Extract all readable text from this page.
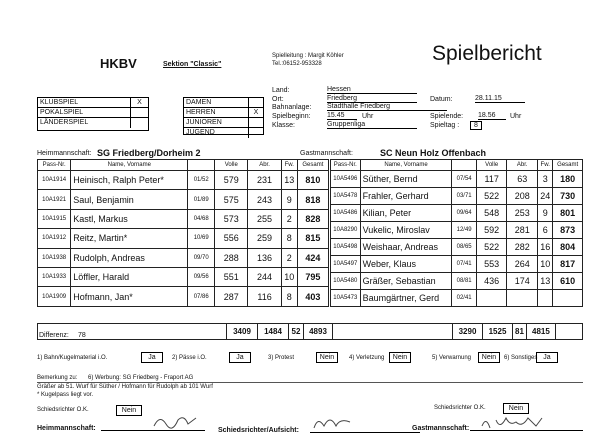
HKBV	Sektion "Classic"
Spielleitung : Margit Köhler
Tel.:06152-953328	Spielbericht
KLUBSPIEL	X
POKALSPIEL
LÄNDERSPIEL
DAMEN
HERREN	X
JUNIOREN
JUGEND
Land:	Hessen
Ort:	Friedberg	Datum:	28.11.15
Bahnanlage: Stadthalle Friedberg
Spielbeginn: 15.45	Uhr	Spielende: 18.56	Uhr
Klasse:	Gruppenliga	Spieltag :	8
Heimmannschaft: SG Friedberg/Dorheim 2	Gastmannschaft:	SC Neun Holz Offenbach
Pass-Nr.	Name, Vorname		Volle	Abr.	Fw.	Gesamt
10A1914	Heinisch, Ralph Peter*	01/52	579	231	13	810
10A1921	Saul, Benjamin	01/89	575	243	9	818
10A1915	Kastl, Markus	04/68	573	255	2	828
10A1912	Reitz, Martin*	10/69	556	259	8	815
10A1938	Rudolph, Andreas	09/70	288	136	2	424
10A1933	Löffler, Harald	09/56	551	244	10	795
10A1909	Hofmann, Jan*	07/86	287	116	8	403
Pass-Nr.	Name, Vorname		Volle	Abr.	Fw.	Gesamt
10A5496	Süther, Bernd	07/54	117	63	3	180
10A5478	Frahler, Gerhard	03/71	522	208	24	730
10A5486	Kilian, Peter	09/64	548	253	9	801
10A8290	Vukelic, Miroslav	12/49	592	281	6	873
10A5498	Weishaar, Andreas	08/65	522	282	16	804
10A5497	Weber, Klaus	07/41	553	264	10	817
10A5480	Gräßer, Sebastian	08/81	436	174	13	610
10A5473	Baumgärtner, Gerd	02/41				
Differenz: 78	3409	1484	52	4893	3290	1525	81	4815
1) Bahn/Kugelmaterial i.O.	Ja	2) Pässe i.O.	Ja	3) Protest	Nein	4) Verletzung	Nein	5) Verwarnung	Nein	6) Sonstiges Ja
Bemerkung zu: 6) Werbung: SG Friedberg - Fraport AG
Gräßer ab 51. Wurf für Süther / Hofmann für Rudolph ab 101 Wurf
* Kugelpass liegt vor.
Schiedsrichter O.K.	Nein	Schiedsrichter O.K.	Nein
Heimmannschaft:	Schiedsrichter/Aufsicht:	Gastmannschaft:
